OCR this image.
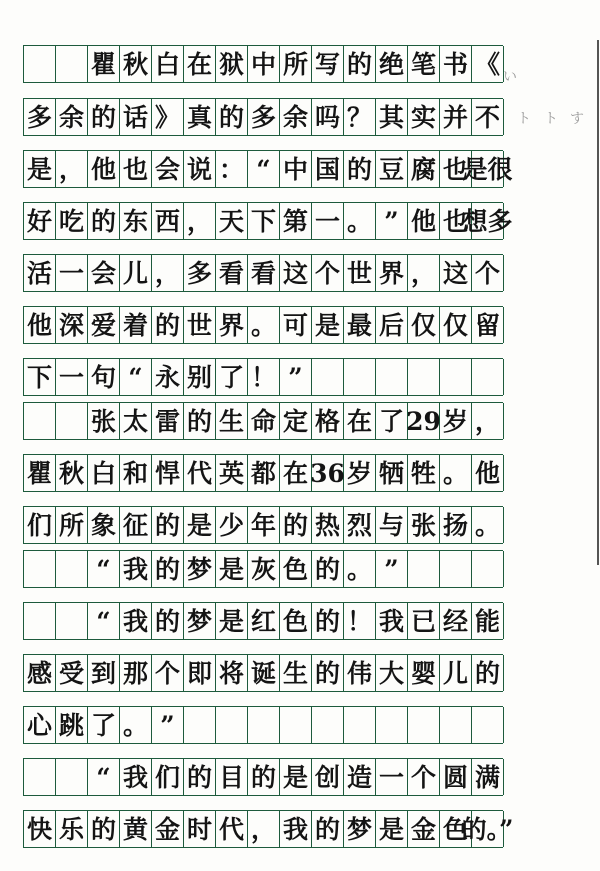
瞿 秋 白 在 狱 中 所 写 的 绝 笔 书 《
多 余 的 话 》 真 的 多 余 吗 ？ 其 实 并 不
是 ， 他 也 会 说 ： “ 中 国 的 豆 腐 也
是很
好 吃 的 东 西 ， 天 下 第 一 。 ” 他 也
想多
活 一 会 儿 ， 多 看 看 这 个 世 界 ， 这 个
他 深 爱 着 的 世 界 。 可 是 最 后 仅 仅 留
下 一 句 “ 永 别 了 ！ ”
张 太 雷 的 生 命 定 格 在 了 29 岁 ，
瞿 秋 白 和 悍 代 英 都 在 36 岁 牺 牲 。 他
们 所 象 征 的 是 少 年 的 热 烈 与 张 扬 。
“ 我 的 梦 是 灰 色 的 。 ”
“ 我 的 梦 是 红 色 的 ！ 我 已 经 能
感 受 到 那 个 即 将 诞 生 的 伟 大 婴 儿 的
心 跳 了 。 ”
“ 我 们 的 目 的 是 创 造 一 个 圆 满
快 乐 的 黄 金 时 代 ， 我 的 梦 是 金 色
的。”
い
ト ト す
